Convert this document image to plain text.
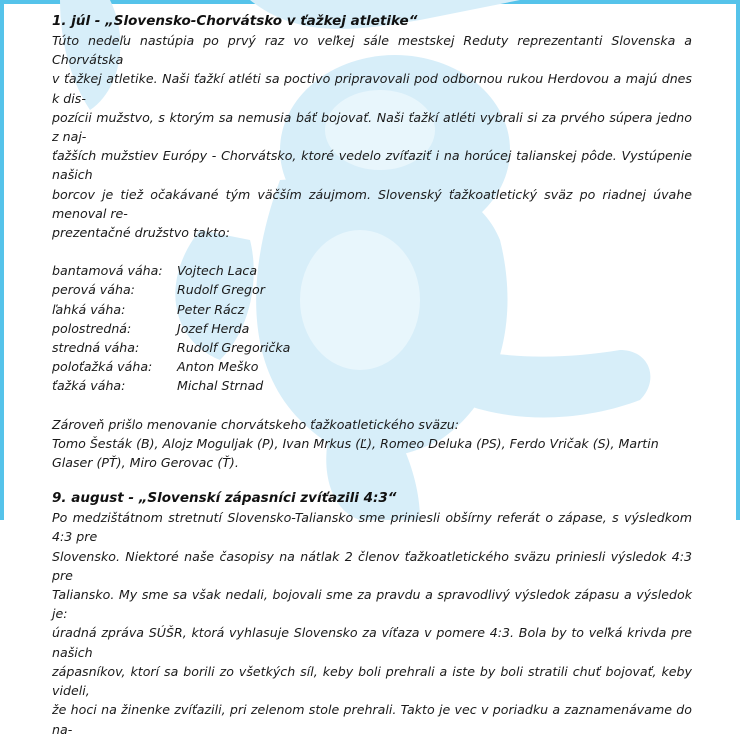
1. júl - „Slovensko-Chorvátsko v ťažkej atletike“

Túto nedeľu nastúpia po prvý raz vo veľkej sále mestskej Reduty reprezentanti Slovenska a Chorvátska
v ťažkej atletike. Naši ťažkí atléti sa poctivo pripravovali pod odbornou rukou Herdovou a majú dnes k dis-
pozícii mužstvo, s ktorým sa nemusia báť bojovať. Naši ťažkí atléti vybrali si za prvého súpera jedno z naj-
ťažších mužstiev Európy - Chorvátsko, ktoré vedelo zvíťaziť i na horúcej talianskej pôde. Vystúpenie našich
borcov je tiež očakávané tým väčším záujmom. Slovenský ťažkoatletický sväz po riadnej úvahe menoval re-
prezentačné družstvo takto:

bantamová váha:	Vojtech Laca
perová váha:	Rudolf Gregor
ľahká váha:	Peter Rácz
polostredná:	Jozef Herda
stredná váha:	Rudolf Gregorička
poloťažká váha:	Anton Meško
ťažká váha:	Michal Strnad

Zároveň prišlo menovanie chorvátskeho ťažkoatletického sväzu:
Tomo Šesták (B), Alojz Moguljak (P), Ivan Mrkus (Ľ), Romeo Deluka (PS), Ferdo Vričak (S), Martin
Glaser (PŤ), Miro Gerovac (Ť).

9. august - „Slovenskí zápasníci zvíťazili 4:3“

Po medzištátnom stretnutí Slovensko-Taliansko sme priniesli obšírny referát o zápase, s výsledkom 4:3 pre
Slovensko. Niektoré naše časopisy na nátlak 2 členov ťažkoatletického sväzu priniesli výsledok 4:3 pre
Taliansko. My sme sa však nedali, bojovali sme za pravdu a spravodlivý výsledok zápasu a výsledok je:
úradná zpráva SÚŠR, ktorá vyhlasuje Slovensko za víťaza v pomere 4:3. Bola by to veľká krivda pre našich
zápasníkov, ktorí sa borili zo všetkých síl, keby boli prehrali a iste by boli stratili chuť bojovať, keby videli,
že hoci na žinenke zvíťazili, pri zelenom stole prehrali. Takto je vec v poriadku a zaznamenávame do na-
